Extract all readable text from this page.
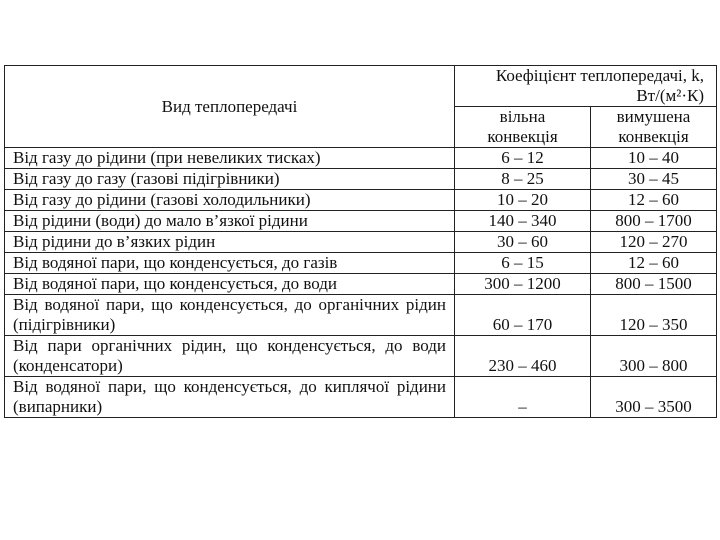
Вид теплопередачі	Коефіцієнт теплопередачі, k,
Вт/(м²·К)	

	вільна конвекція	вимушена конвекція
Від газу до рідини (при невеликих тисках)	6 – 12	10 – 40
Від газу до газу (газові підігрівники)	8 – 25	30 – 45
Від газу до рідини (газові холодильники)	10 – 20	12 – 60
Від рідини (води) до мало в’язкої рідини	140 – 340	800 – 1700
Від рідини до в’язких рідин	30 – 60	120 – 270
Від водяної пари, що конденсується, до газів	6 – 15	12 – 60
Від водяної пари, що конденсується, до води	300 – 1200	800 – 1500
Від водяної пари, що конденсується, до органічних рідин (підігрівники)	60 – 170	120 – 350
Від пари органічних рідин, що конденсується, до води (конденсатори)	230 – 460	300 – 800
Від водяної пари, що конденсується, до киплячої рідини (випарники)	–	300 – 3500
